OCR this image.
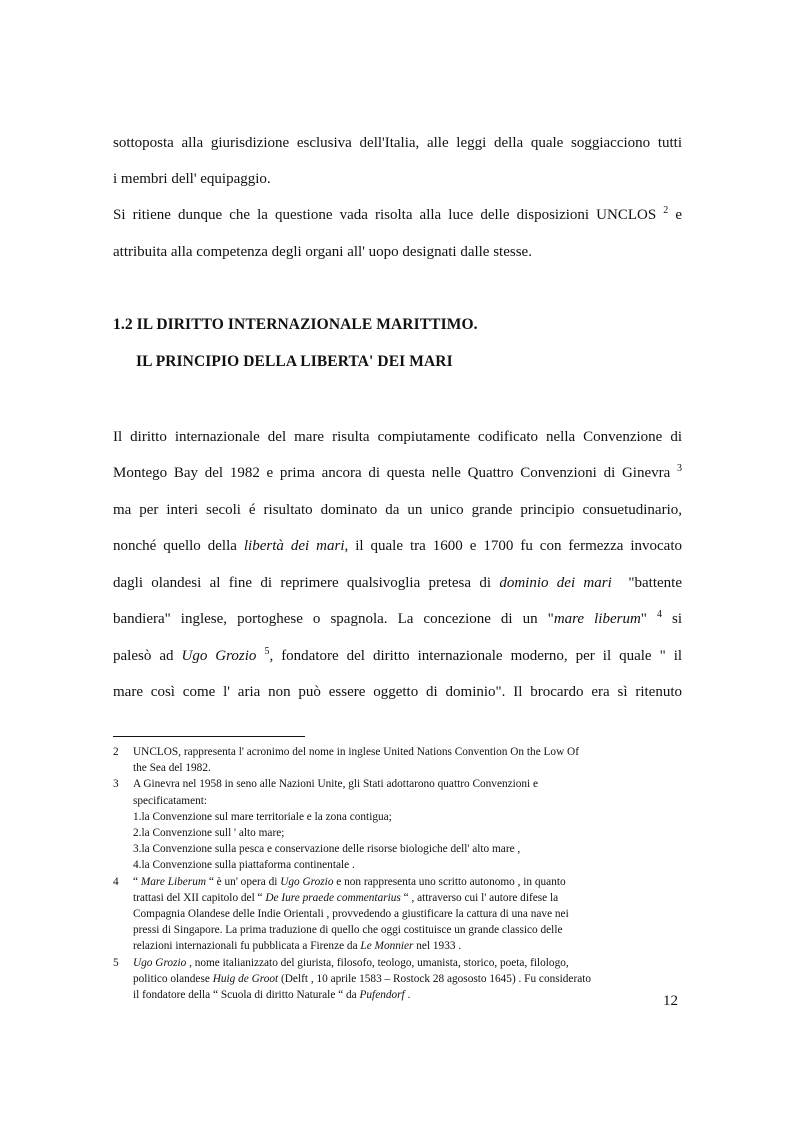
sottoposta alla giurisdizione esclusiva dell'Italia, alle leggi della quale soggiacciono tutti
i membri dell' equipaggio.
Si ritiene dunque che la questione vada risolta alla luce delle disposizioni UNCLOS $^2$ e
attribuita alla competenza degli organi all' uopo designati dalle stesse.
1.2 IL DIRITTO INTERNAZIONALE MARITTIMO.
IL PRINCIPIO DELLA LIBERTA' DEI MARI
Il diritto internazionale del mare risulta compiutamente codificato nella Convenzione di
Montego Bay del 1982 e prima ancora di questa nelle Quattro Convenzioni di Ginevra $^3$
ma per interi secoli é risultato dominato da un unico grande principio consuetudinario,
nonché quello della libertà dei mari, il quale tra 1600 e 1700 fu con fermezza invocato
dagli olandesi al fine di reprimere qualsivoglia pretesa di dominio dei mari "battente
bandiera" inglese, portoghese o spagnola. La concezione di un "mare liberum" $^4$ si
palesò ad Ugo Grozio $^5$, fondatore del diritto internazionale moderno, per il quale " il
mare così come l' aria non può essere oggetto di dominio". Il brocardo era sì ritenuto
2	UNCLOS, rappresenta l' acronimo del nome in inglese United Nations Convention On the Low Of
the Sea del 1982.
3	A Ginevra nel 1958 in seno alle Nazioni Unite, gli Stati adottarono quattro Convenzioni e
specificatament:
1.la Convenzione sul mare territoriale e la zona contigua;
2.la Convenzione sull ' alto mare;
3.la Convenzione sulla pesca e conservazione delle risorse biologiche dell' alto mare ,
4.la Convenzione sulla piattaforma continentale .
4	“ Mare Liberum “ è un' opera di Ugo Grozio e non rappresenta uno scritto autonomo , in quanto
trattasi del XII capitolo del “ De Iure praede commentarius “ , attraverso cui l' autore difese la
Compagnia Olandese delle Indie Orientali , provvedendo a giustificare la cattura di una nave nei
pressi di Singapore. La prima traduzione di quello che oggi costituisce un grande classico delle
relazioni internazionali fu pubblicata a Firenze da Le Monnier nel 1933 .
5	Ugo Grozio , nome italianizzato del giurista, filosofo, teologo, umanista, storico, poeta, filologo,
politico olandese Huig de Groot (Delft , 10 aprile 1583 – Rostock 28 agososto 1645) . Fu considerato
il fondatore della “ Scuola di diritto Naturale “ da Pufendorf .	12
